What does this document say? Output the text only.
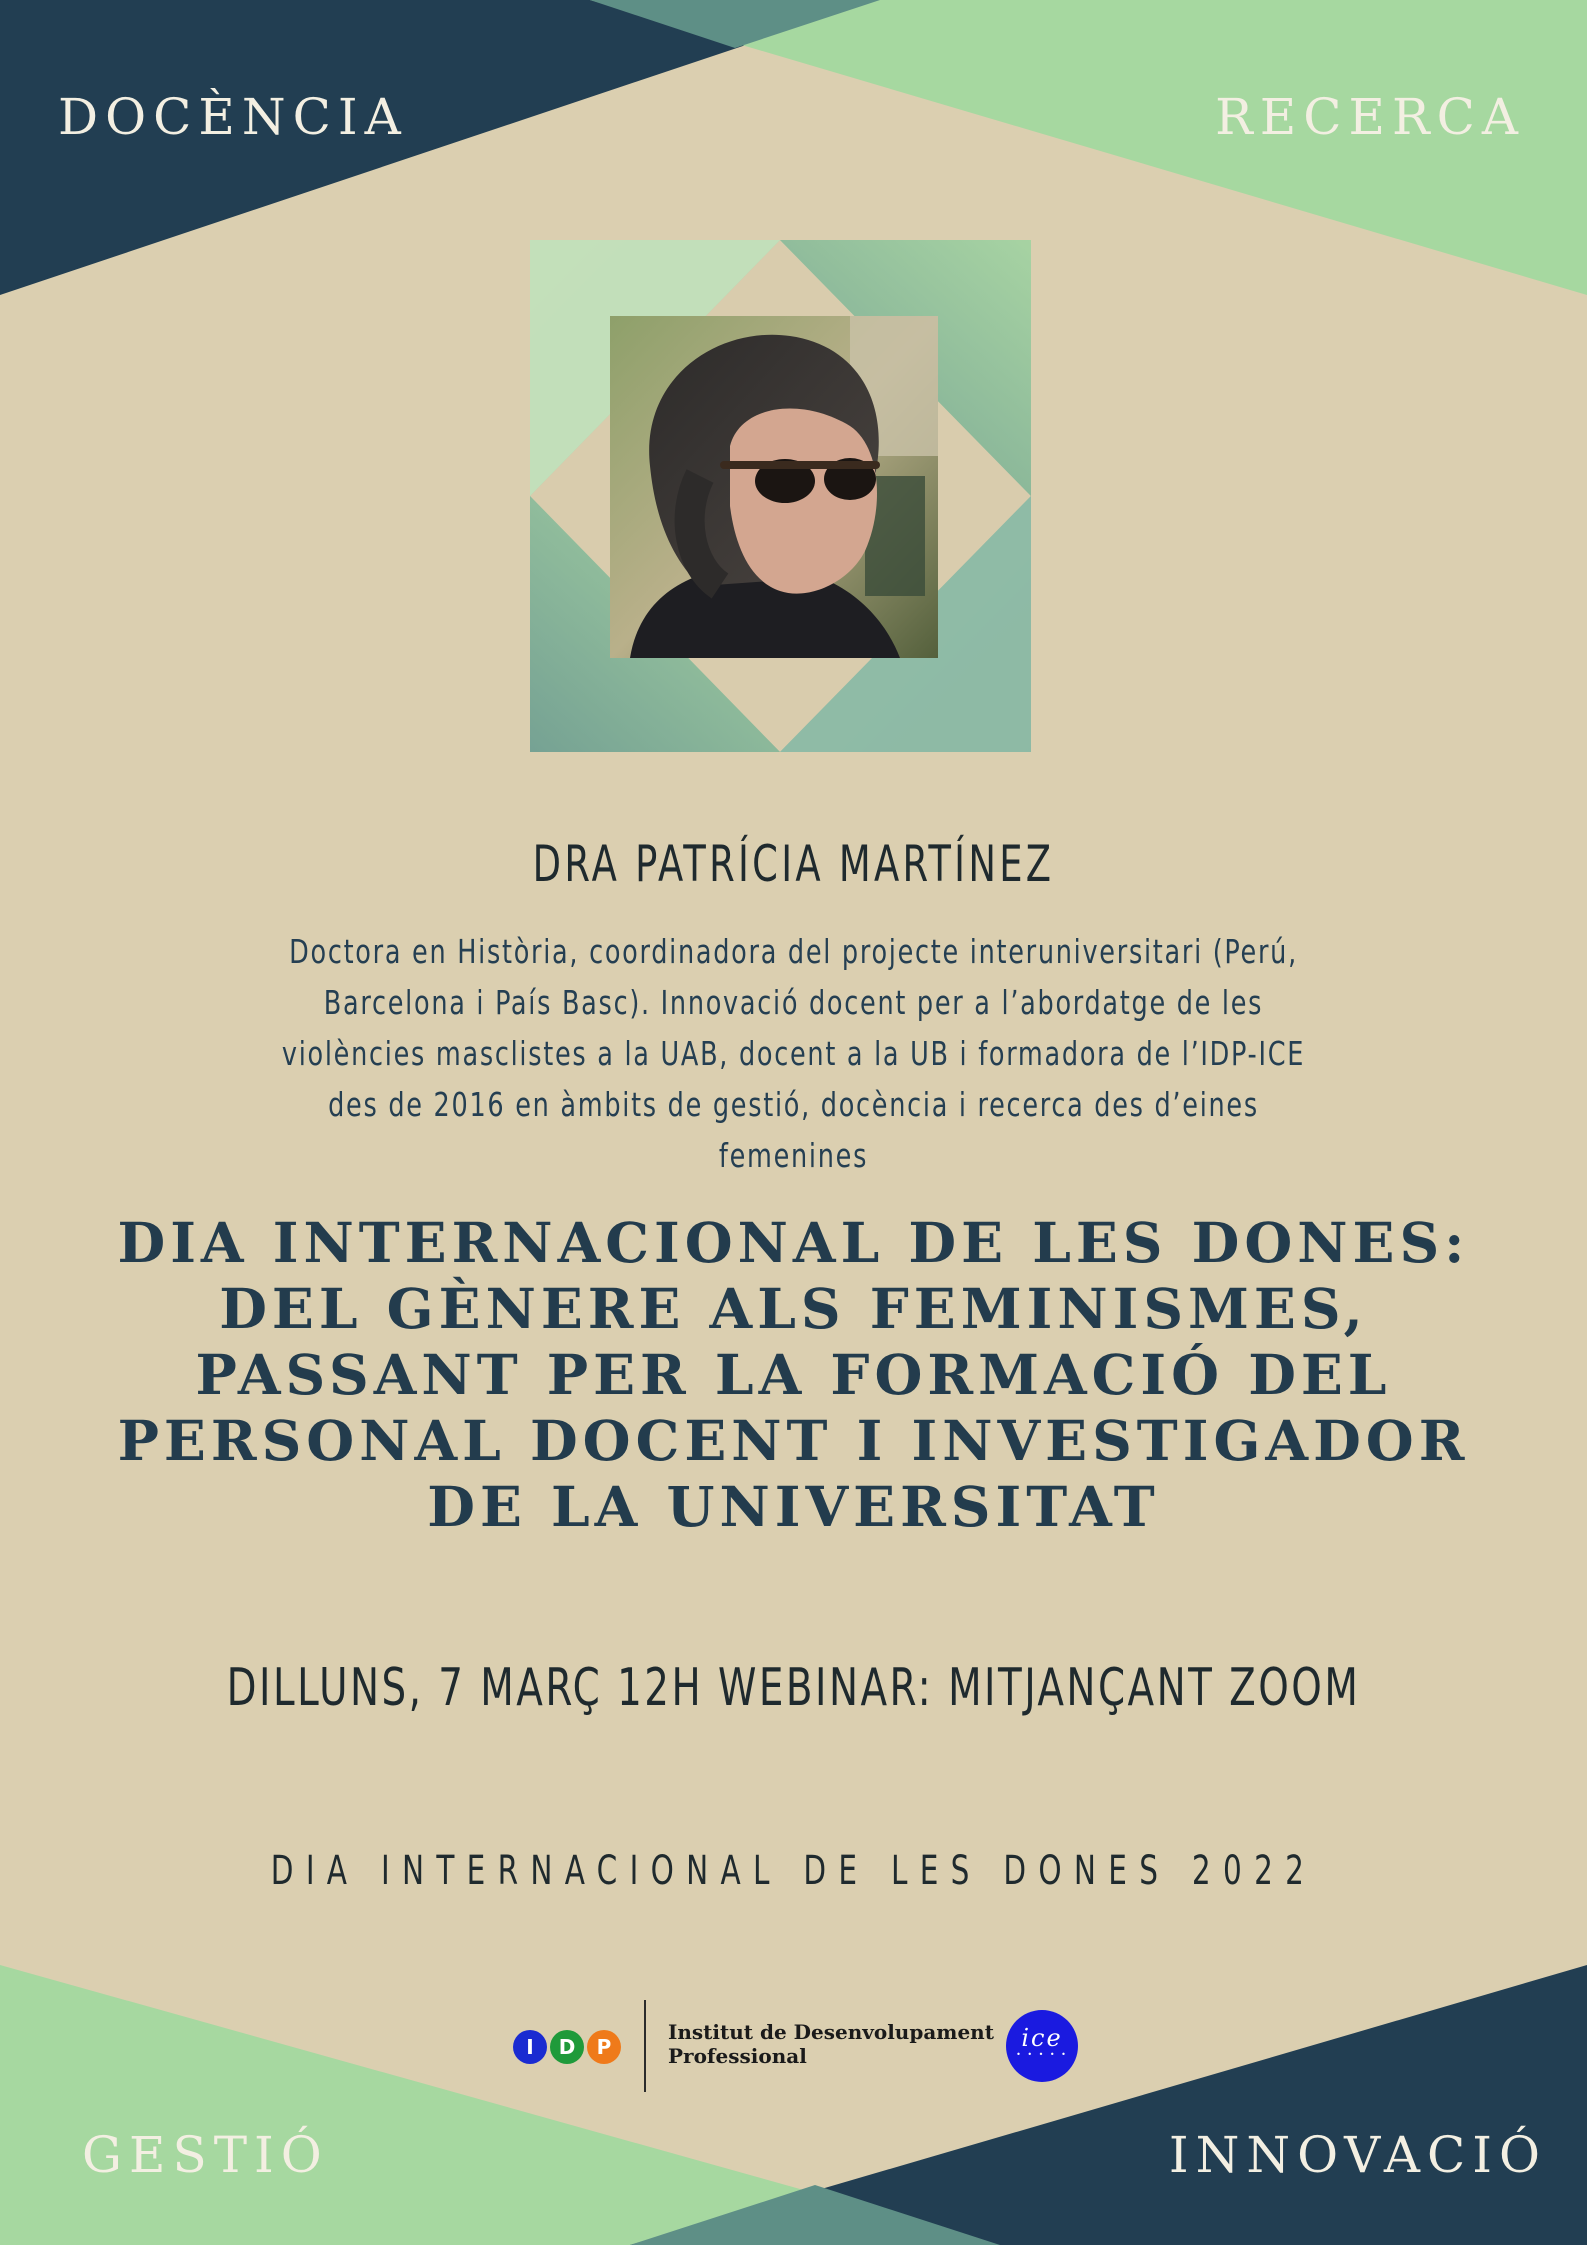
DOCÈNCIA	RECERCA

GESTIÓ	INNOVACIÓ

DRA PATRÍCIA MARTÍNEZ

Doctora en Història, coordinadora del projecte interuniversitari (Perú, Barcelona i País Basc). Innovació docent per a l’abordatge de les violències masclistes a la UAB, docent a la UB i formadora de l’IDP-ICE des de 2016 en àmbits de gestió, docència i recerca des d’eines femenines

DIA INTERNACIONAL DE LES DONES: DEL GÈNERE ALS FEMINISMES, PASSANT PER LA FORMACIÓ DEL PERSONAL DOCENT I INVESTIGADOR DE LA UNIVERSITAT

DILLUNS, 7 MARÇ 12H WEBINAR: MITJANÇANT ZOOM

DIA INTERNACIONAL DE LES DONES 2022

I	D	P

Institut de Desenvolupament Professional

ice
• • • • •
